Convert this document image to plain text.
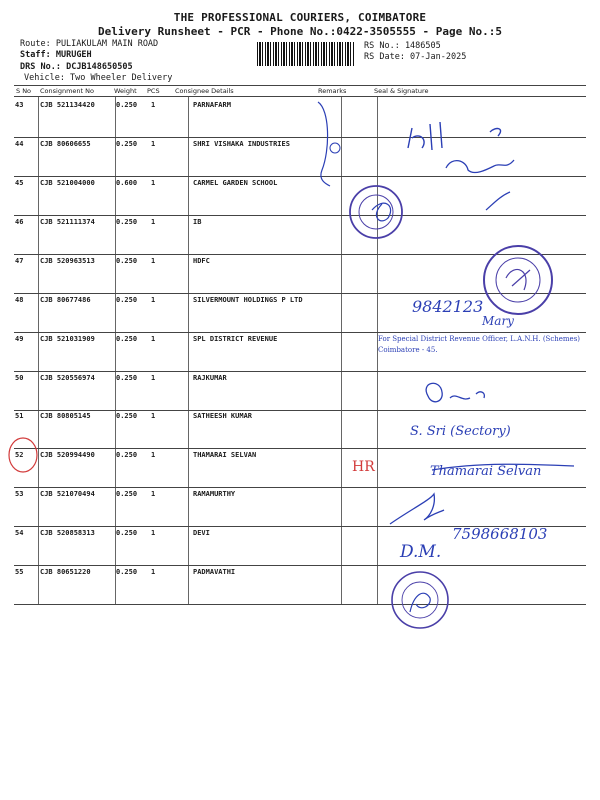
THE PROFESSIONAL COURIERS, COIMBATORE
Delivery Runsheet - PCR - Phone No.:0422-3505555 - Page No.:5
Route: PULIAKULAM MAIN ROAD
Staff: MURUGEH
DRS No.: DCJB148650505
Vehicle: Two Wheeler Delivery
RS No.: 1486505
RS Date: 07-Jan-2025
S No Consignment No	Weight PCS Consignee Details	Remarks	Seal & Signature
43 CJB 521134420	0.250 1	PARNAFARM
44 CJB 80606655	0.250 1	SHRI VISHAKA INDUSTRIES
45 CJB 521004000	0.600 1	CARMEL GARDEN SCHOOL
46 CJB 521111374	0.250 1	IB
47 CJB 520963513	0.250 1	HDFC
48 CJB 80677486	0.250 1	SILVERMOUNT HOLDINGS P LTD
49 CJB 521031909	0.250 1	SPL DISTRICT REVENUE
50 CJB 520556974	0.250 1	RAJKUMAR
51 CJB 80805145	0.250 1	SATHEESH KUMAR
52 CJB 520994490	0.250 1	THAMARAI SELVAN
53 CJB 521070494	0.250 1	RAMAMURTHY
54 CJB 520858313	0.250 1	DEVI
55 CJB 80651220	0.250 1	PADMAVATHI
9842123
Mary
For Special District Revenue Officer, L.A.N.H. (Schemes) Coimbatore - 45.
S. Sri (Sectory)
HR	Thamarai Selvan
7598668103
D.M.
